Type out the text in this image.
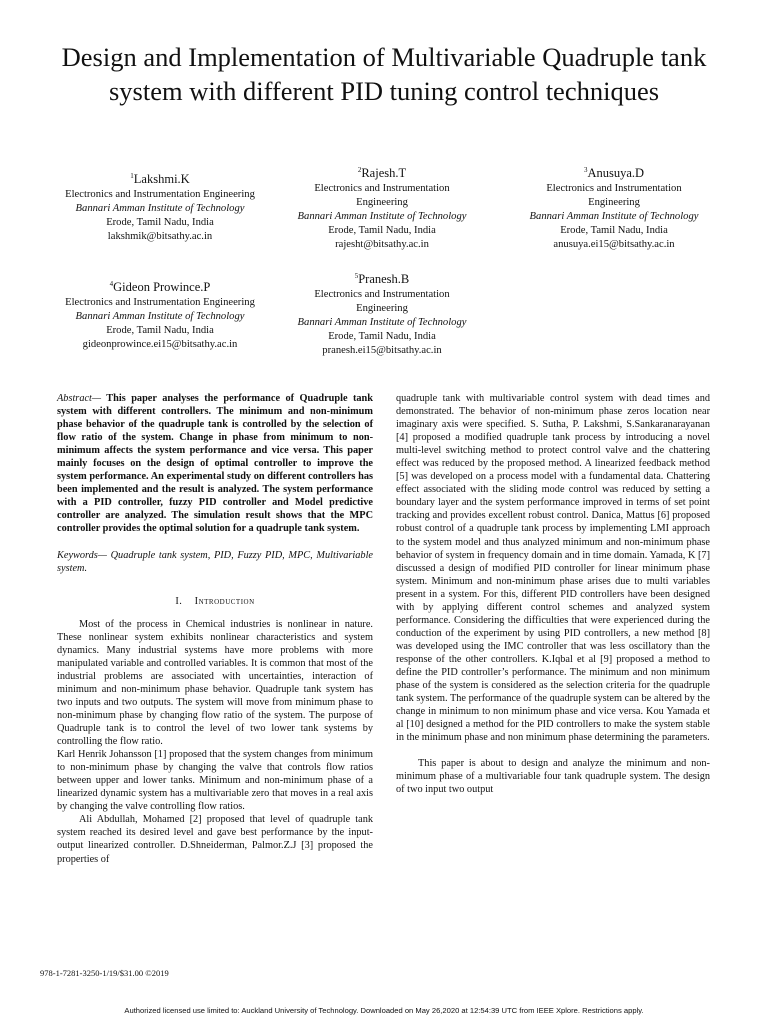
Design and Implementation of Multivariable Quadruple tank system with different PID tuning control techniques
$^1$Lakshmi.K
Electronics and Instrumentation Engineering
Bannari Amman Institute of Technology
Erode, Tamil Nadu, India
lakshmik@bitsathy.ac.in
$^2$Rajesh.T
Electronics and Instrumentation Engineering
Bannari Amman Institute of Technology
Erode, Tamil Nadu, India
rajesht@bitsathy.ac.in
$^3$Anusuya.D
Electronics and Instrumentation Engineering
Bannari Amman Institute of Technology
Erode, Tamil Nadu, India
anusuya.ei15@bitsathy.ac.in
$^4$Gideon Prowince.P
Electronics and Instrumentation Engineering
Bannari Amman Institute of Technology
Erode, Tamil Nadu, India
gideonprowince.ei15@bitsathy.ac.in
$^5$Pranesh.B
Electronics and Instrumentation Engineering
Bannari Amman Institute of Technology
Erode, Tamil Nadu, India
pranesh.ei15@bitsathy.ac.in

Abstract— This paper analyses the performance of Quadruple tank system with different controllers. The minimum and non-minimum phase behavior of the quadruple tank is controlled by the selection of flow ratio of the system. Change in phase from minimum to non-minimum affects the system performance and vice versa. This paper mainly focuses on the design of optimal controller to improve the system performance. An experimental study on different controllers has been implemented and the result is analyzed. The system performance with a PID controller, fuzzy PID controller and Model predictive controller are analyzed. The simulation result shows that the MPC controller provides the optimal solution for a quadruple tank system.

Keywords— Quadruple tank system, PID, Fuzzy PID, MPC, Multivariable system.

I. Introduction

Most of the process in Chemical industries is nonlinear in nature. These nonlinear system exhibits nonlinear characteristics and system dynamics. Many industrial systems have more problems with more manipulated variable and controlled variables. It is common that most of the industrial problems are associated with uncertainties, interaction of minimum and non-minimum phase behavior. Quadruple tank system has two inputs and two outputs. The system will move from minimum phase to non-minimum phase by changing flow ratio of the system. The purpose of Quadruple tank is to control the level of two lower tank systems by controlling the flow ratio.

Karl Henrik Johansson [1] proposed that the system changes from minimum to non-minimum phase by changing the valve that controls flow ratios between upper and lower tanks. Minimum and non-minimum phase of a linearized dynamic system has a multivariable zero that moves in a real axis by changing the valve controlling flow ratios.

Ali Abdullah, Mohamed [2] proposed that level of quadruple tank system reached its desired level and gave best performance by the input-output linearized controller. D.Shneiderman, Palmor.Z.J [3] proposed the properties of

quadruple tank with multivariable control system with dead times and demonstrated. The behavior of non-minimum phase zeros location near imaginary axis were specified. S. Sutha, P. Lakshmi, S.Sankaranarayanan [4] proposed a modified quadruple tank process by introducing a novel multi-level switching method to protect control valve and the chattering effect was reduced by the proposed method. A linearized feedback method [5] was developed on a process model with a fundamental data. Chattering effect associated with the sliding mode control was reduced by setting a boundary layer and the system performance improved in terms of set point tracking and provides excellent robust control. Danica, Mattus [6] proposed robust control of a quadruple tank process by implementing LMI approach to the system model and thus analyzed minimum and non-minimum phase behavior of system in frequency domain and in time domain. Yamada, K [7] discussed a design of modified PID controller for linear minimum phase system. Minimum and non-minimum phase arises due to multi variables present in a system. For this, different PID controllers have been designed with by applying different control schemes and analyzed system performance. Considering the difficulties that were experienced during the conduction of the experiment by using PID controllers, a new method [8] was developed using the IMC controller that was less oscillatory than the response of the other controllers. K.Iqbal et al [9] proposed a method to define the PID controller’s performance. The minimum and non minimum phase of the system is considered as the selection criteria for the quadruple tank system. The performance of the quadruple system can be altered by the change in minimum to non minimum phase and vice versa. Kou Yamada et al [10] designed a method for the PID controllers to make the system stable in the minimum phase and non minimum phase determining the parameters.

This paper is about to design and analyze the minimum and non-minimum phase of a multivariable four tank quadruple system. The design of two input two output

978-1-7281-3250-1/19/$31.00 ©2019
Authorized licensed use limited to: Auckland University of Technology. Downloaded on May 26,2020 at 12:54:39 UTC from IEEE Xplore. Restrictions apply.
